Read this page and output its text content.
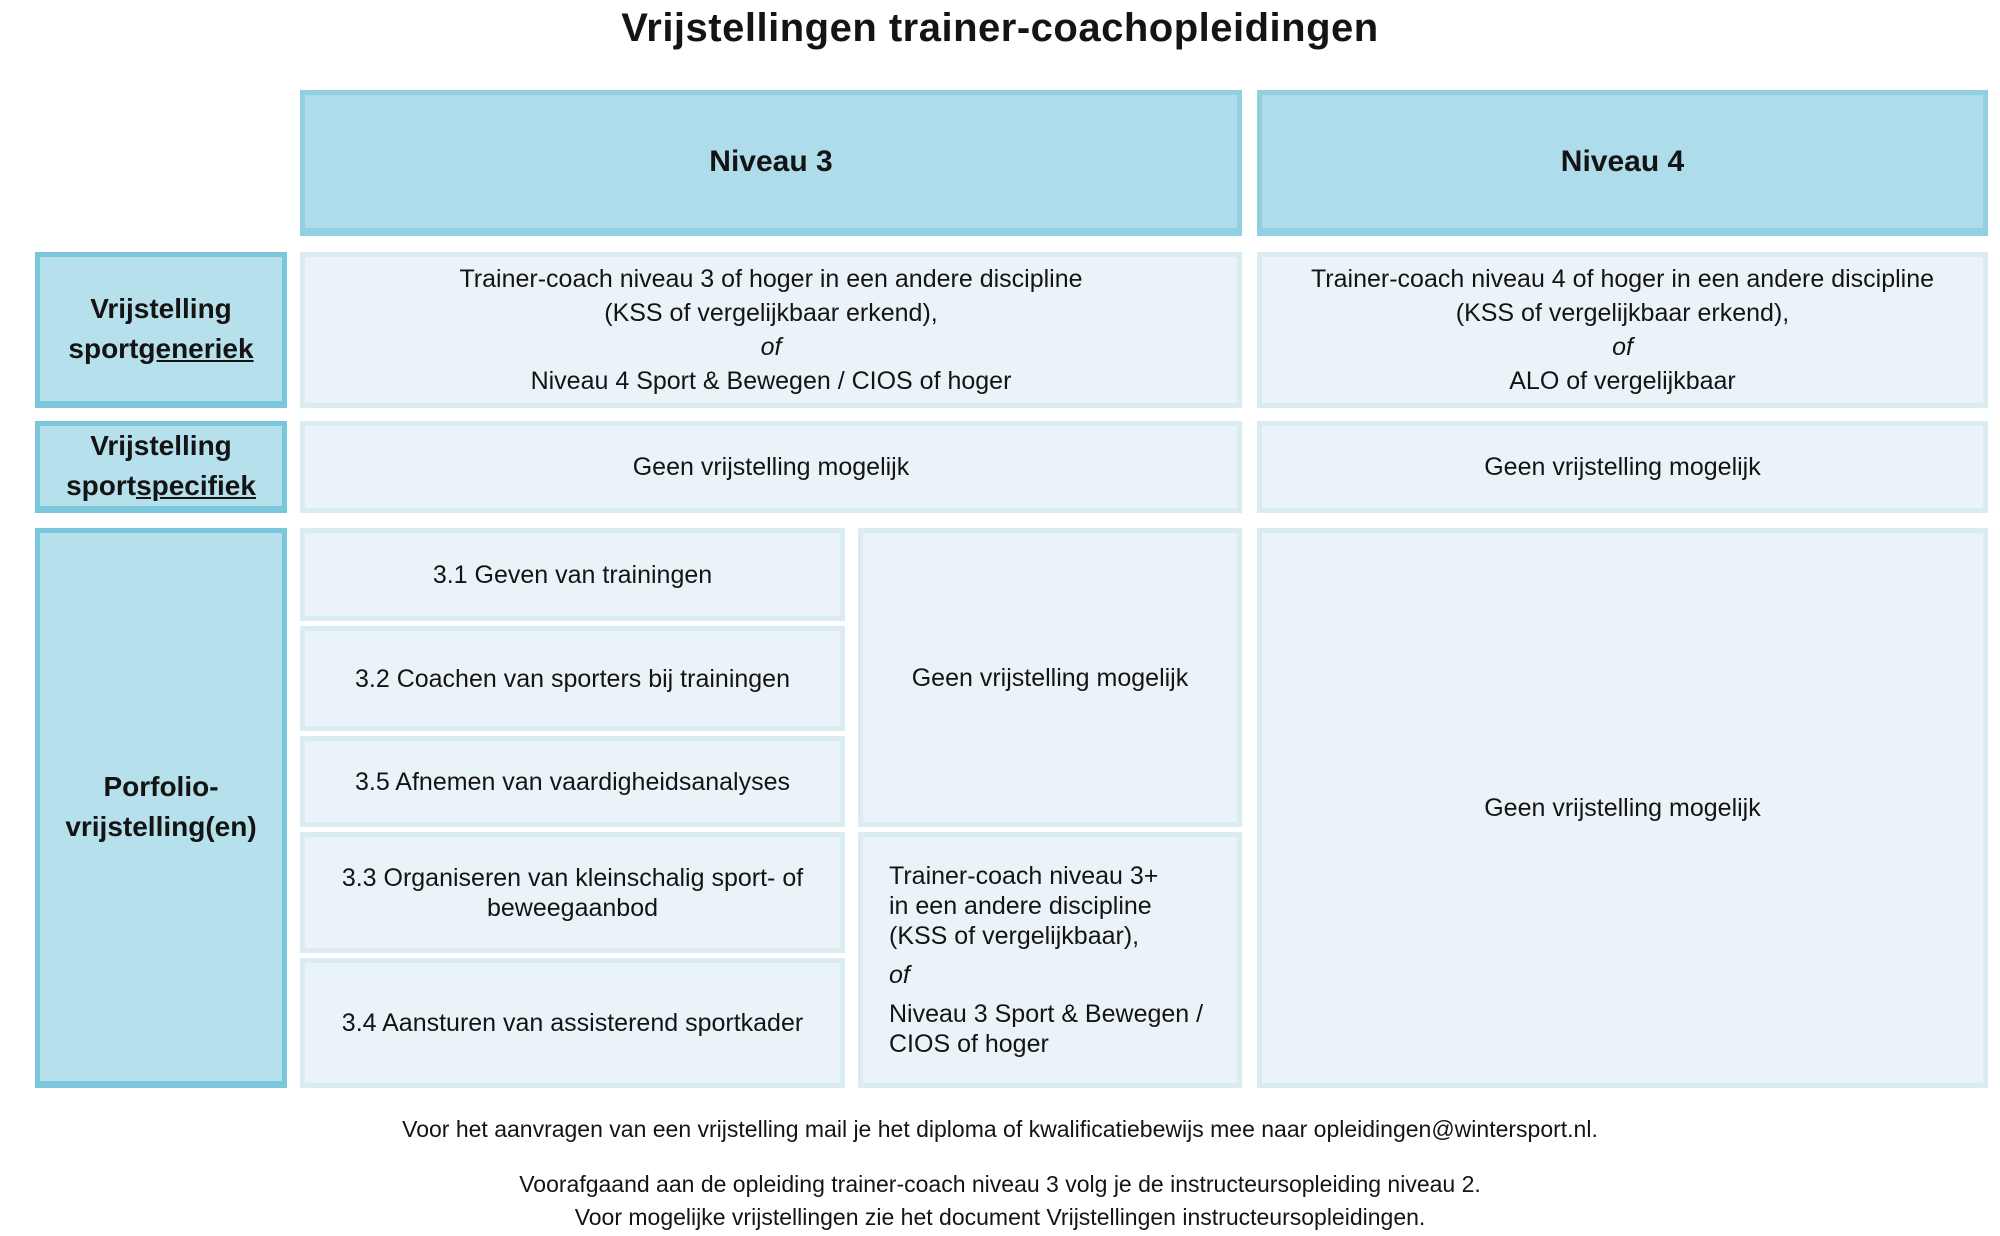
Vrijstellingen trainer-coachopleidingen
Niveau 3	Niveau 4
Vrijstelling
sportgeneriek
Trainer-coach niveau 3 of hoger in een andere discipline
(KSS of vergelijkbaar erkend),
of
Niveau 4 Sport & Bewegen / CIOS of hoger
Trainer-coach niveau 4 of hoger in een andere discipline
(KSS of vergelijkbaar erkend),
of
ALO of vergelijkbaar
Vrijstelling
sportspecifiek
Geen vrijstelling mogelijk	Geen vrijstelling mogelijk
Porfolio-
vrijstelling(en)
3.1 Geven van trainingen
3.2 Coachen van sporters bij trainingen
3.5 Afnemen van vaardigheidsanalyses
3.3 Organiseren van kleinschalig sport- of beweegaanbod
3.4 Aansturen van assisterend sportkader
Geen vrijstelling mogelijk
Trainer-coach niveau 3+
in een andere discipline
(KSS of vergelijkbaar),
of
Niveau 3 Sport & Bewegen /
CIOS of hoger
Geen vrijstelling mogelijk
Voor het aanvragen van een vrijstelling mail je het diploma of kwalificatiebewijs mee naar opleidingen@wintersport.nl.
Voorafgaand aan de opleiding trainer-coach niveau 3 volg je de instructeursopleiding niveau 2.
Voor mogelijke vrijstellingen zie het document Vrijstellingen instructeursopleidingen.
